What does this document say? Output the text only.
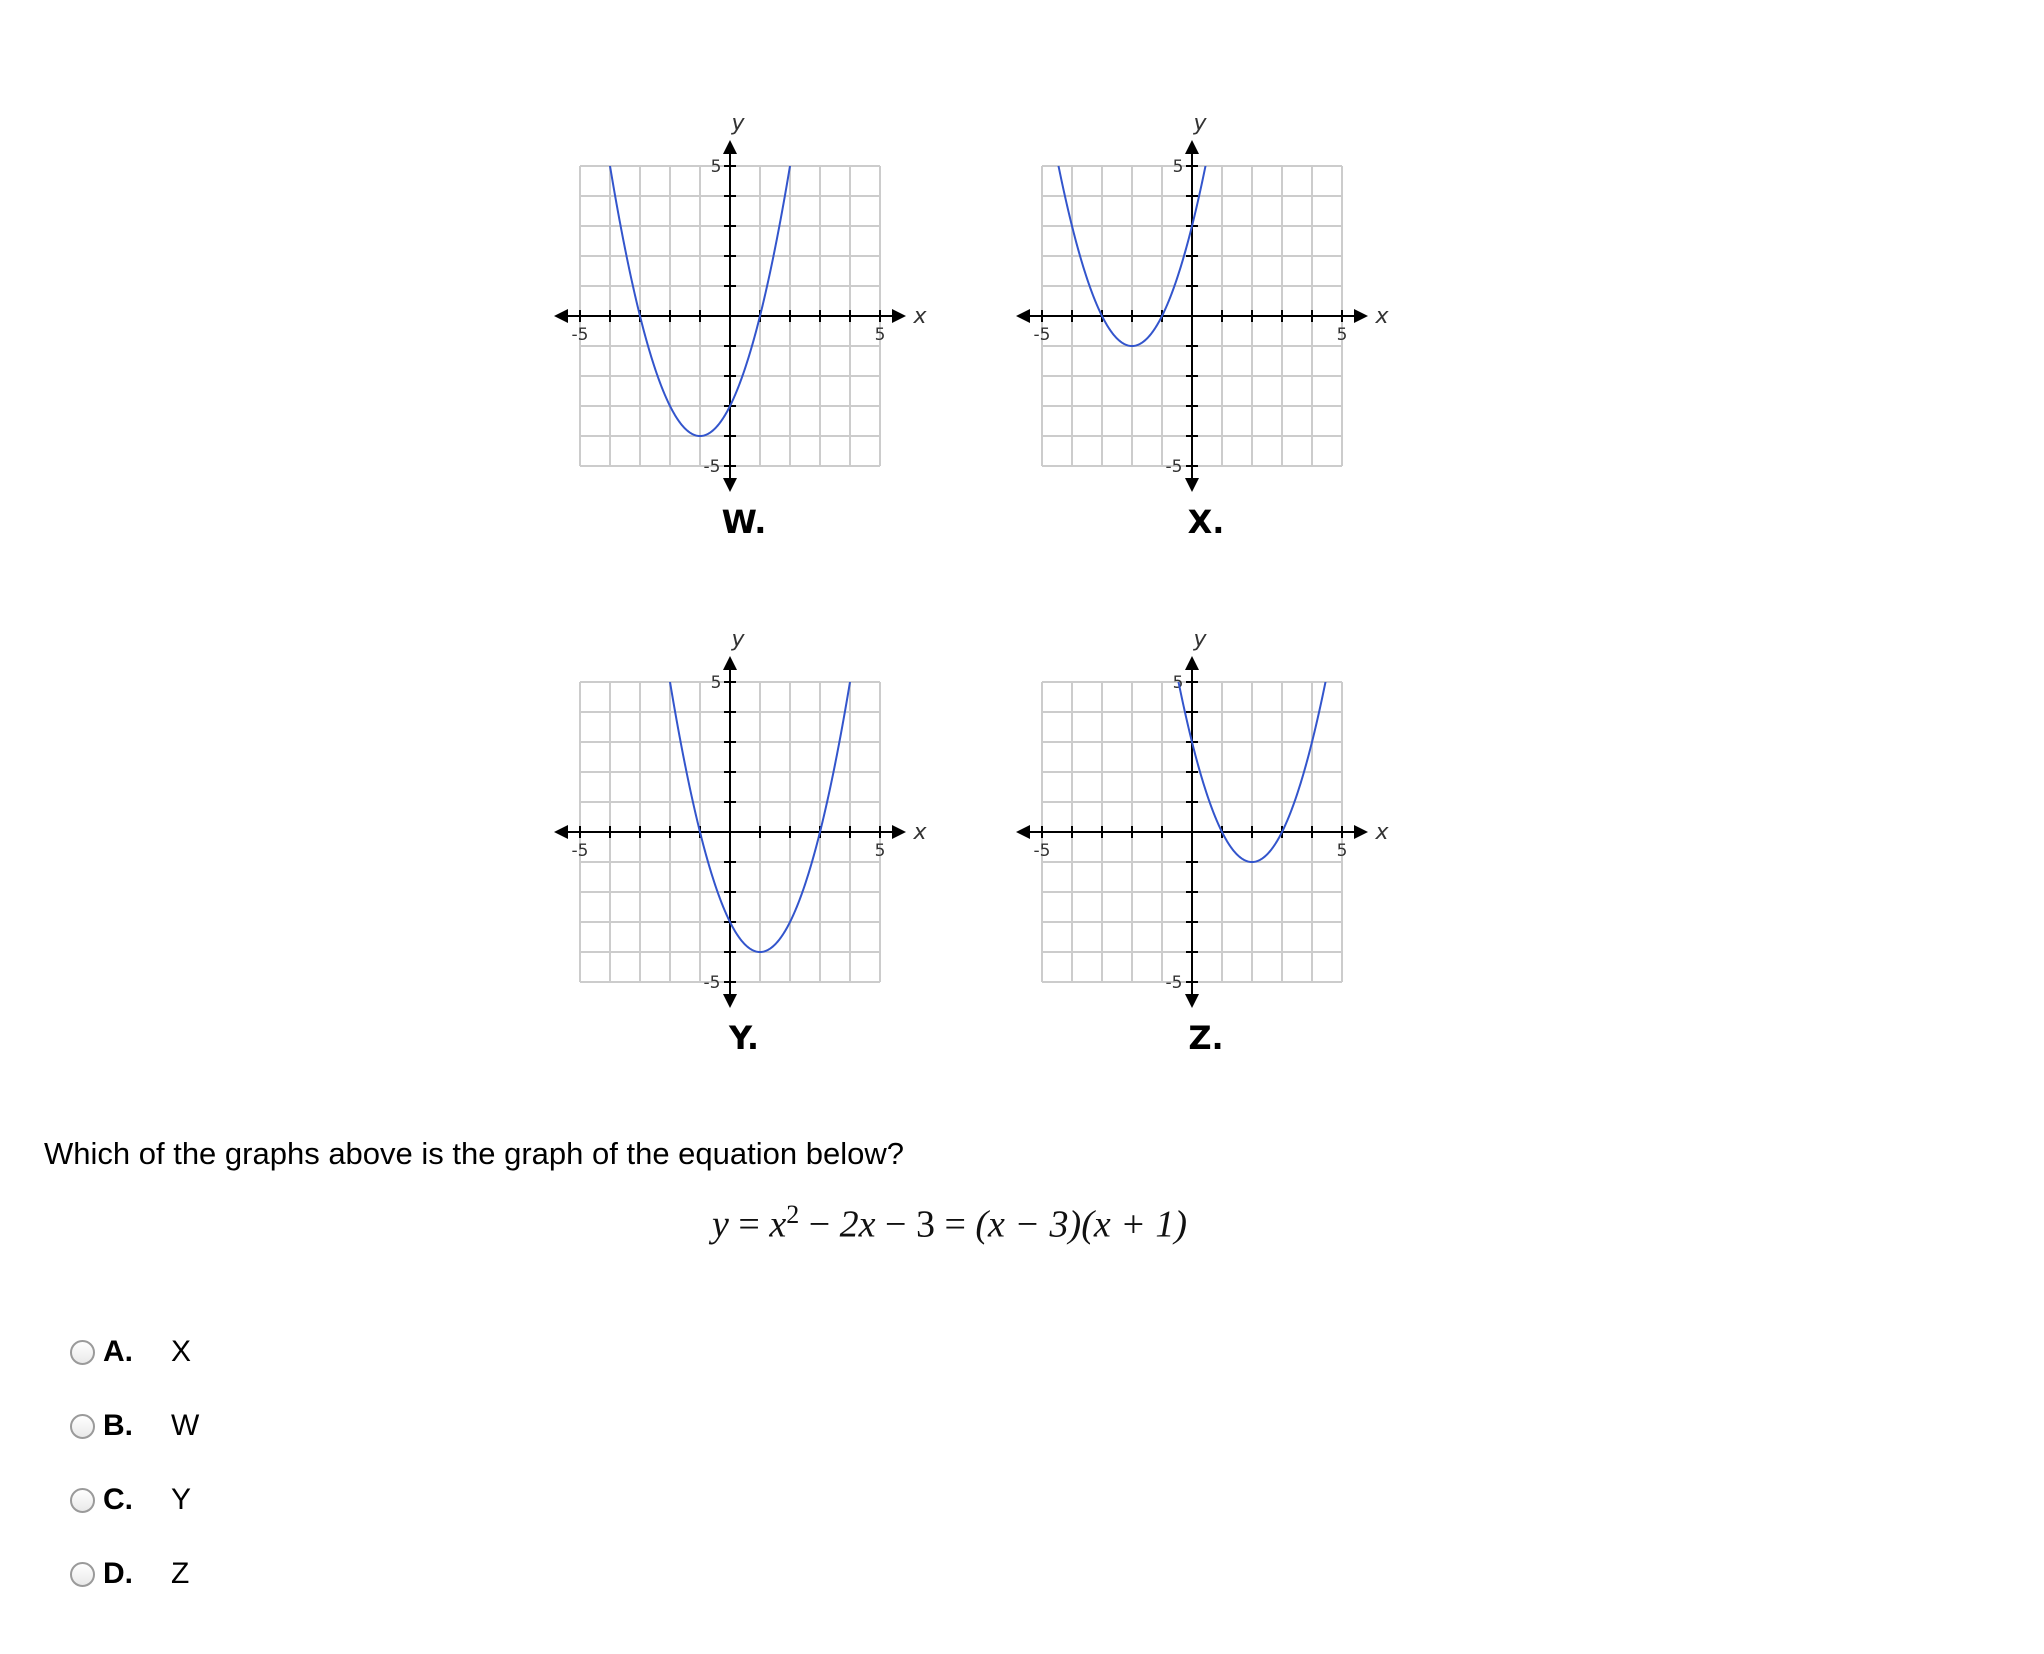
-5	5
5
-5
x
y
W.
-5	5
5
-5
x
y
X.
-5	5
5
-5
x
y
Y.
-5	5
5
-5
x
y
Z.
Which of the graphs above is the graph of the equation below?
$y = x^2 - 2x - 3 = (x - 3)(x + 1)$
A.	X
B.	W
C.	Y
D.	Z
